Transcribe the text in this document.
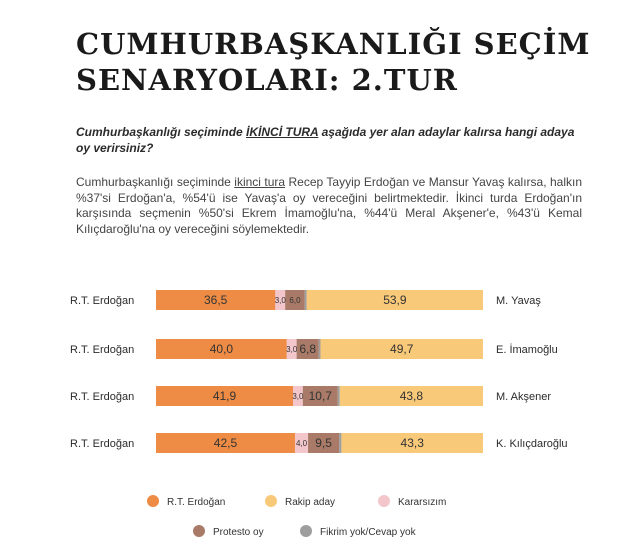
CUMHURBAŞKANLIĞI SEÇİM
SENARYOLARI: 2.TUR

Cumhurbaşkanlığı seçiminde İKİNCİ TURA aşağıda yer alan adaylar kalırsa hangi adaya oy verirsiniz?

Cumhurbaşkanlığı seçiminde ikinci tura Recep Tayyip Erdoğan ve Mansur Yavaş kalırsa, halkın %37'si Erdoğan'a, %54'ü ise Yavaş'a oy vereceğini belirtmektedir. İkinci turda Erdoğan'ın karşısında seçmenin %50'si Ekrem İmamoğlu'na, %44'ü Meral Akşener'e, %43'ü Kemal Kılıçdaroğlu'na oy vereceğini söylemektedir.

R.T. Erdoğan	M. Yavaş
36,5	3,0 6,0	53,9
R.T. Erdoğan	E. İmamoğlu
40,0	3,0 6,8	49,7
R.T. Erdoğan	M. Akşener
41,9	3,0 10,7	43,8
R.T. Erdoğan	K. Kılıçdaroğlu
42,5	4,0 9,5	43,3
R.T. Erdoğan	Rakip aday	Kararsızım
Protesto oy	Fikrim yok/Cevap yok
